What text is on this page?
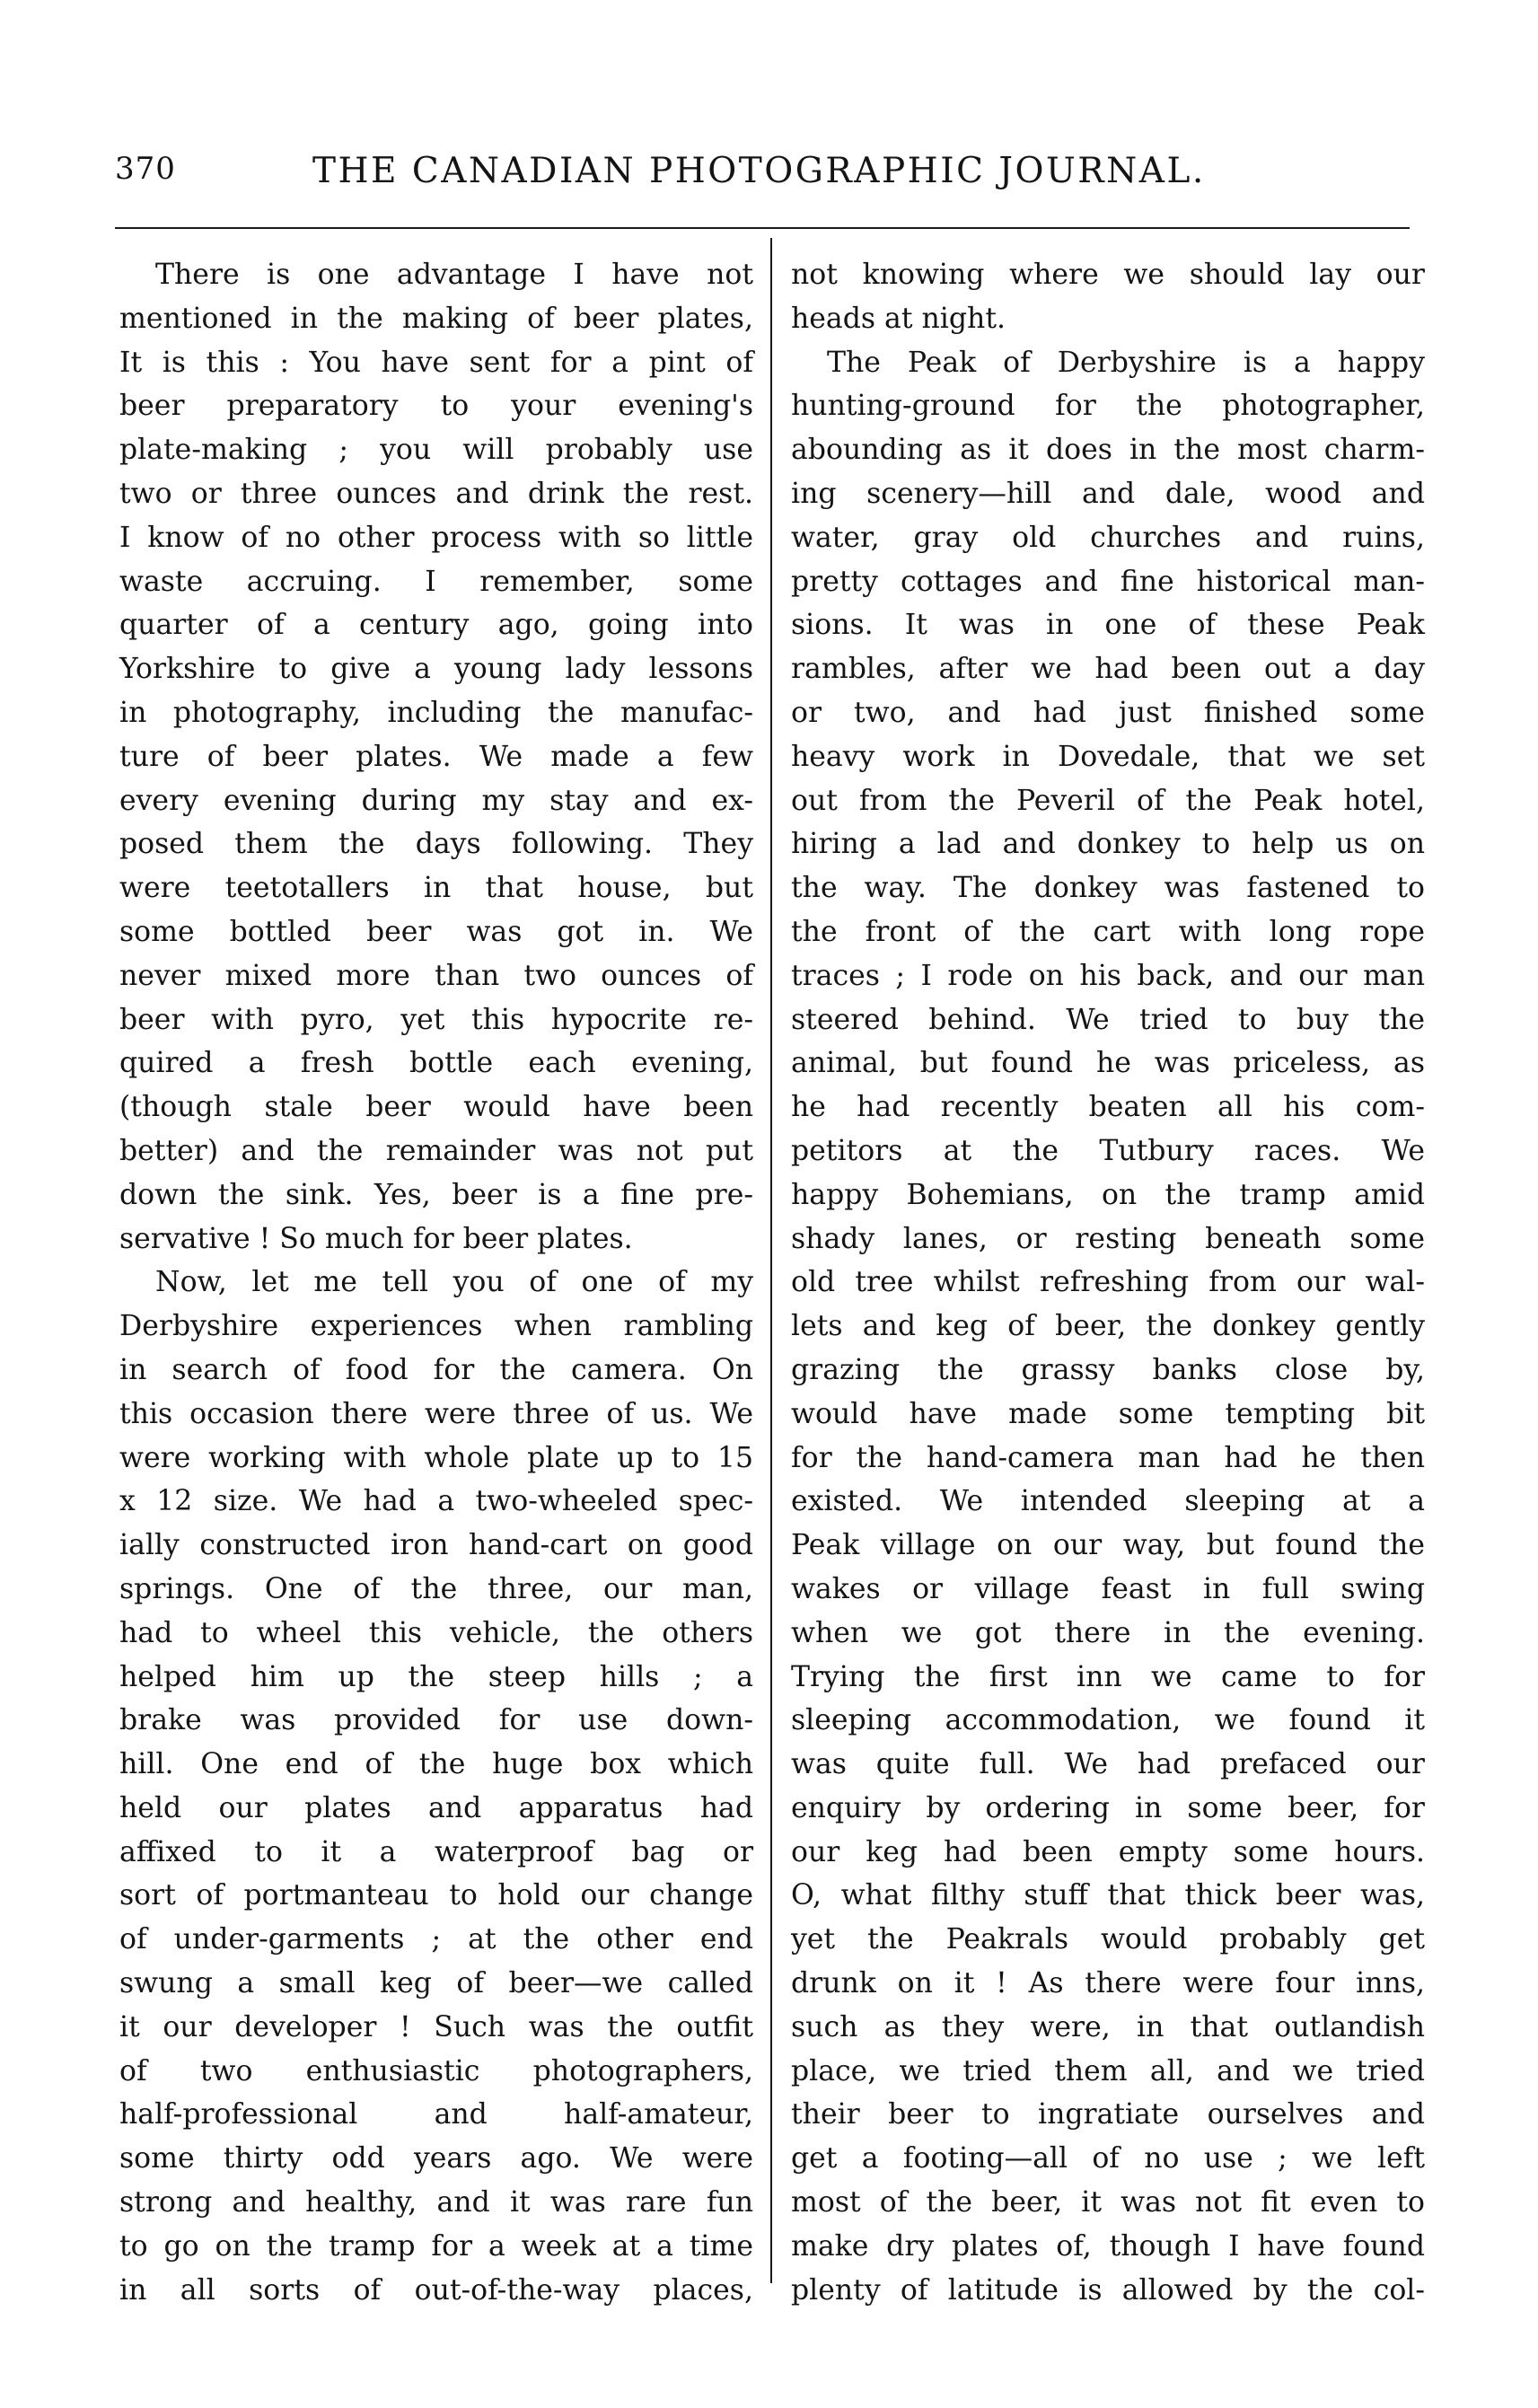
370	THE CANADIAN PHOTOGRAPHIC JOURNAL.
There is one advantage I have not
mentioned in the making of beer plates,
It is this : You have sent for a pint of
beer preparatory to your evening's
plate-making ; you will probably use
two or three ounces and drink the rest.
I know of no other process with so little
waste accruing. I remember, some
quarter of a century ago, going into
Yorkshire to give a young lady lessons
in photography, including the manufac-
ture of beer plates. We made a few
every evening during my stay and ex-
posed them the days following. They
were teetotallers in that house, but
some bottled beer was got in. We
never mixed more than two ounces of
beer with pyro, yet this hypocrite re-
quired a fresh bottle each evening,
(though stale beer would have been
better) and the remainder was not put
down the sink. Yes, beer is a fine pre-
servative ! So much for beer plates.
Now, let me tell you of one of my
Derbyshire experiences when rambling
in search of food for the camera. On
this occasion there were three of us. We
were working with whole plate up to 15
x 12 size. We had a two-wheeled spec-
ially constructed iron hand-cart on good
springs. One of the three, our man,
had to wheel this vehicle, the others
helped him up the steep hills ; a
brake was provided for use down-
hill. One end of the huge box which
held our plates and apparatus had
affixed to it a waterproof bag or
sort of portmanteau to hold our change
of under-garments ; at the other end
swung a small keg of beer—we called
it our developer ! Such was the outfit
of two enthusiastic photographers,
half-professional and half-amateur,
some thirty odd years ago. We were
strong and healthy, and it was rare fun
to go on the tramp for a week at a time
in all sorts of out-of-the-way places,
not knowing where we should lay our
heads at night.
The Peak of Derbyshire is a happy
hunting-ground for the photographer,
abounding as it does in the most charm-
ing scenery—hill and dale, wood and
water, gray old churches and ruins,
pretty cottages and fine historical man-
sions. It was in one of these Peak
rambles, after we had been out a day
or two, and had just finished some
heavy work in Dovedale, that we set
out from the Peveril of the Peak hotel,
hiring a lad and donkey to help us on
the way. The donkey was fastened to
the front of the cart with long rope
traces ; I rode on his back, and our man
steered behind. We tried to buy the
animal, but found he was priceless, as
he had recently beaten all his com-
petitors at the Tutbury races. We
happy Bohemians, on the tramp amid
shady lanes, or resting beneath some
old tree whilst refreshing from our wal-
lets and keg of beer, the donkey gently
grazing the grassy banks close by,
would have made some tempting bit
for the hand-camera man had he then
existed. We intended sleeping at a
Peak village on our way, but found the
wakes or village feast in full swing
when we got there in the evening.
Trying the first inn we came to for
sleeping accommodation, we found it
was quite full. We had prefaced our
enquiry by ordering in some beer, for
our keg had been empty some hours.
O, what filthy stuff that thick beer was,
yet the Peakrals would probably get
drunk on it ! As there were four inns,
such as they were, in that outlandish
place, we tried them all, and we tried
their beer to ingratiate ourselves and
get a footing—all of no use ; we left
most of the beer, it was not fit even to
make dry plates of, though I have found
plenty of latitude is allowed by the col-
